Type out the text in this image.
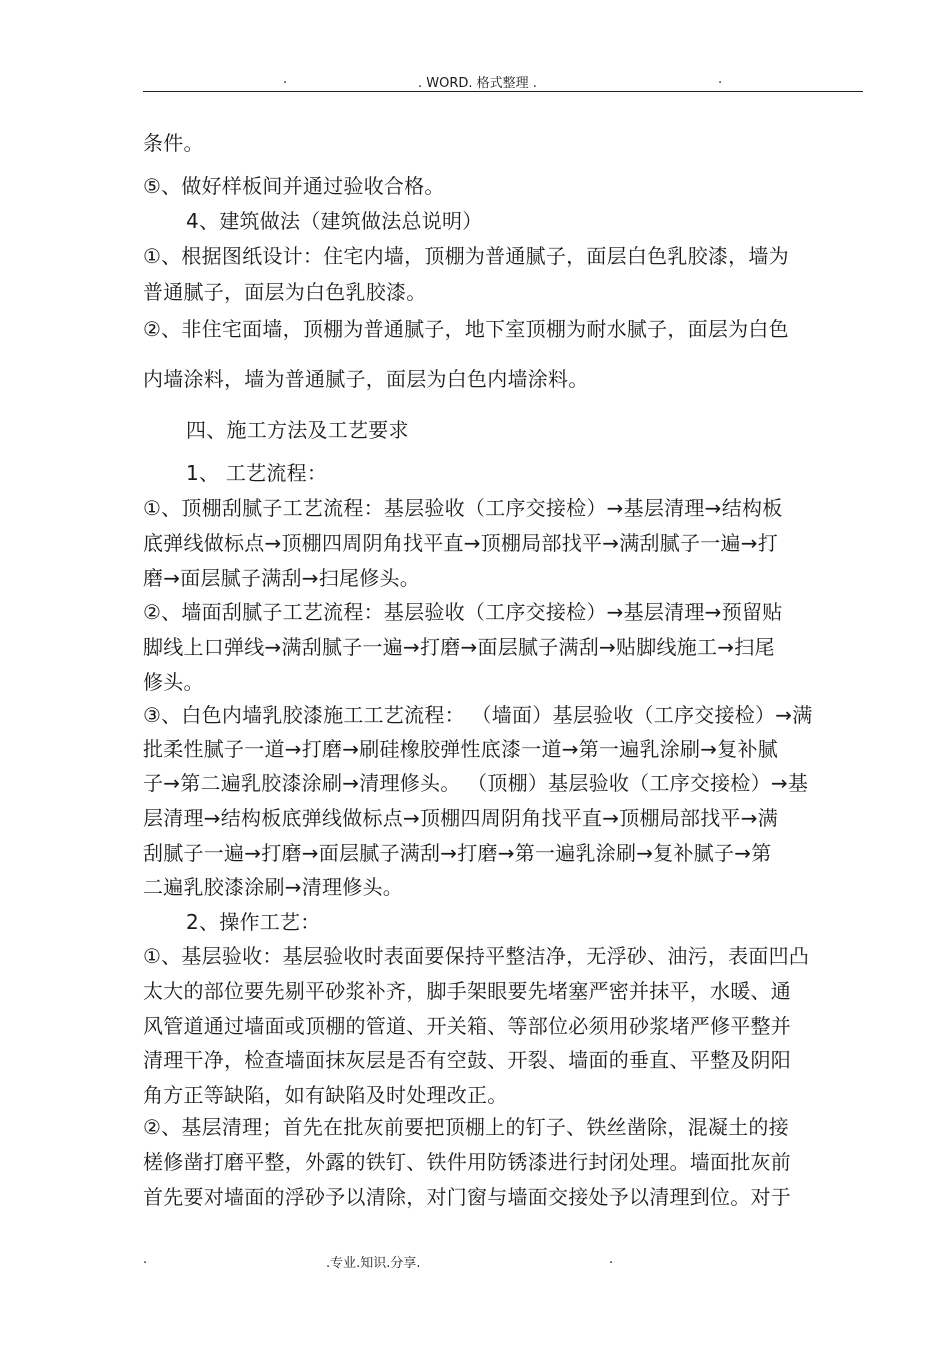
.	. WORD. 格式整理 .	.
条件。
⑤、做好样板间并通过验收合格。
4、建筑做法（建筑做法总说明）
①、根据图纸设计：住宅内墙，顶棚为普通腻子，面层白色乳胶漆，墙为
普通腻子，面层为白色乳胶漆。
②、非住宅面墙，顶棚为普通腻子，地下室顶棚为耐水腻子，面层为白色
内墙涂料，墙为普通腻子，面层为白色内墙涂料。
四、施工方法及工艺要求
1、 工艺流程：
①、顶棚刮腻子工艺流程：基层验收（工序交接检）→基层清理→结构板
底弹线做标点→顶棚四周阴角找平直→顶棚局部找平→满刮腻子一遍→打
磨→面层腻子满刮→扫尾修头。
②、墙面刮腻子工艺流程：基层验收（工序交接检）→基层清理→预留贴
脚线上口弹线→满刮腻子一遍→打磨→面层腻子满刮→贴脚线施工→扫尾
修头。
③、白色内墙乳胶漆施工工艺流程： （墙面）基层验收（工序交接检）→满
批柔性腻子一道→打磨→刷硅橡胶弹性底漆一道→第一遍乳涂刷→复补腻
子→第二遍乳胶漆涂刷→清理修头。 （顶棚）基层验收（工序交接检）→基
层清理→结构板底弹线做标点→顶棚四周阴角找平直→顶棚局部找平→满
刮腻子一遍→打磨→面层腻子满刮→打磨→第一遍乳涂刷→复补腻子→第
二遍乳胶漆涂刷→清理修头。
2、操作工艺：
①、基层验收：基层验收时表面要保持平整洁净，无浮砂、油污，表面凹凸
太大的部位要先剔平砂浆补齐，脚手架眼要先堵塞严密并抹平，水暖、通
风管道通过墙面或顶棚的管道、开关箱、等部位必须用砂浆堵严修平整并
清理干净，检查墙面抹灰层是否有空鼓、开裂、墙面的垂直、平整及阴阳
角方正等缺陷，如有缺陷及时处理改正。
②、基层清理；首先在批灰前要把顶棚上的钉子、铁丝凿除，混凝土的接
槎修凿打磨平整，外露的铁钉、铁件用防锈漆进行封闭处理。墙面批灰前
首先要对墙面的浮砂予以清除，对门窗与墙面交接处予以清理到位。对于
.	.专业.知识.分享.	.
